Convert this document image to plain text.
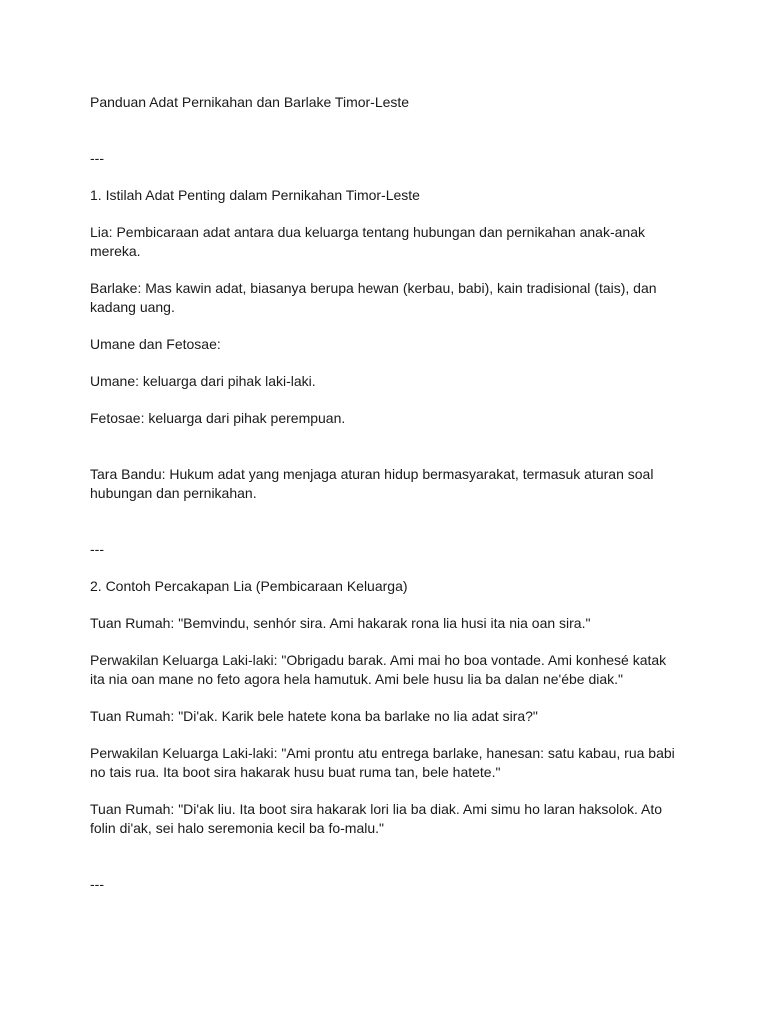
Panduan Adat Pernikahan dan Barlake Timor-Leste

---

1. Istilah Adat Penting dalam Pernikahan Timor-Leste

Lia: Pembicaraan adat antara dua keluarga tentang hubungan dan pernikahan anak-anak mereka.

Barlake: Mas kawin adat, biasanya berupa hewan (kerbau, babi), kain tradisional (tais), dan kadang uang.

Umane dan Fetosae:

Umane: keluarga dari pihak laki-laki.

Fetosae: keluarga dari pihak perempuan.

Tara Bandu: Hukum adat yang menjaga aturan hidup bermasyarakat, termasuk aturan soal hubungan dan pernikahan.

---

2. Contoh Percakapan Lia (Pembicaraan Keluarga)

Tuan Rumah: "Bemvindu, senhór sira. Ami hakarak rona lia husi ita nia oan sira."

Perwakilan Keluarga Laki-laki: "Obrigadu barak. Ami mai ho boa vontade. Ami konhesé katak ita nia oan mane no feto agora hela hamutuk. Ami bele husu lia ba dalan ne'ébe diak."

Tuan Rumah: "Di'ak. Karik bele hatete kona ba barlake no lia adat sira?"

Perwakilan Keluarga Laki-laki: "Ami prontu atu entrega barlake, hanesan: satu kabau, rua babi no tais rua. Ita boot sira hakarak husu buat ruma tan, bele hatete."

Tuan Rumah: "Di'ak liu. Ita boot sira hakarak lori lia ba diak. Ami simu ho laran haksolok. Ato folin di'ak, sei halo seremonia kecil ba fo-malu."

---
